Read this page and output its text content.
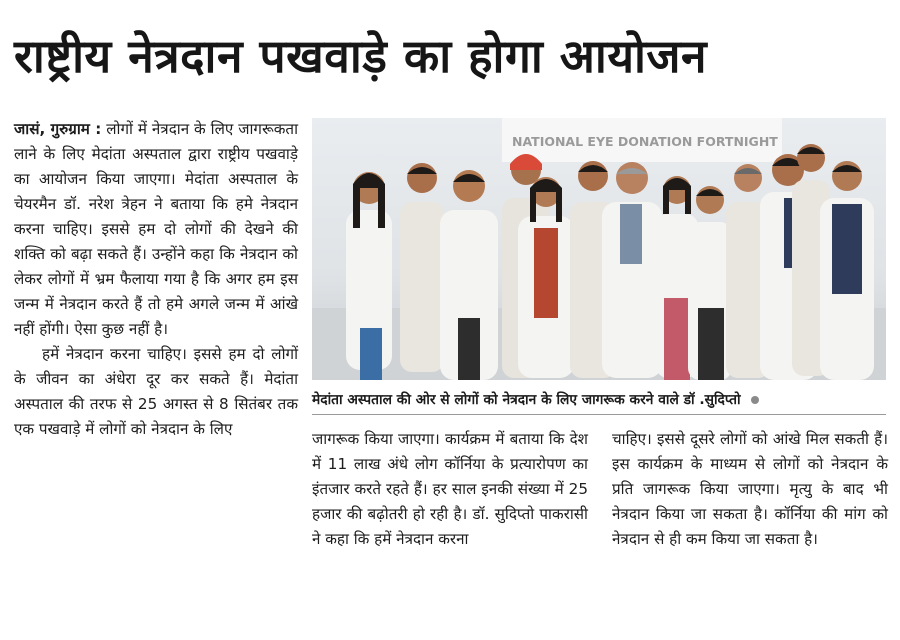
राष्ट्रीय नेत्रदान पखवाड़े का होगा आयोजन

जासं, गुरुग्राम : लोगों में नेत्रदान के लिए जागरूकता लाने के लिए मेदांता अस्पताल द्वारा राष्ट्रीय पखवाड़े का आयोजन किया जाएगा। मेदांता अस्पताल के चेयरमैन डॉ. नरेश त्रेहन ने बताया कि हमे नेत्रदान करना चाहिए। इससे हम दो लोगों की देखने की शक्ति को बढ़ा सकते हैं। उन्होंने कहा कि नेत्रदान को लेकर लोगों में भ्रम फैलाया गया है कि अगर हम इस जन्म में नेत्रदान करते हैं तो हमे अगले जन्म में आंखे नहीं होंगी। ऐसा कुछ नहीं है।

हमें नेत्रदान करना चाहिए। इससे हम दो लोगों के जीवन का अंधेरा दूर कर सकते हैं। मेदांता अस्पताल की तरफ से 25 अगस्त से 8 सितंबर तक एक पखवाड़े में लोगों को नेत्रदान के लिए

NATIONAL EYE DONATION FORTNIGHT
मेदांता अस्पताल की ओर से लोगों को नेत्रदान के लिए जागरूक करने वाले डॉ .सुदिप्तो

जागरूक किया जाएगा। कार्यक्रम में बताया कि देश में 11 लाख अंधे लोग कॉर्निया के प्रत्यारोपण का इंतजार करते रहते हैं। हर साल इनकी संख्या में 25 हजार की बढ़ोतरी हो रही है। डॉ. सुदिप्तो पाकरासी ने कहा कि हमें नेत्रदान करना

चाहिए। इससे दूसरे लोगों को आंखे मिल सकती हैं। इस कार्यक्रम के माध्यम से लोगों को नेत्रदान के प्रति जागरूक किया जाएगा। मृत्यु के बाद भी नेत्रदान किया जा सकता है। कॉर्निया की मांग को नेत्रदान से ही कम किया जा सकता है।
